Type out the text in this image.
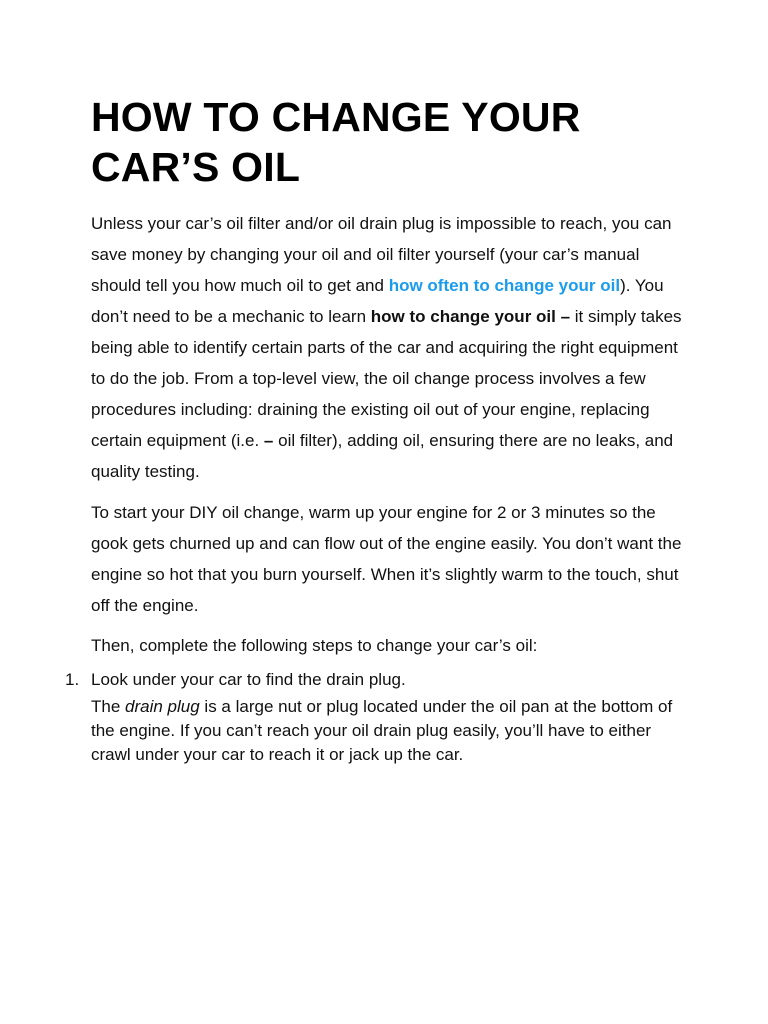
HOW TO CHANGE YOUR
CAR’S OIL

Unless your car’s oil filter and/or oil drain plug is impossible to reach, you can save money by changing your oil and oil filter yourself (your car’s manual should tell you how much oil to get and how often to change your oil). You don’t need to be a mechanic to learn how to change your oil – it simply takes being able to identify certain parts of the car and acquiring the right equipment to do the job. From a top-level view, the oil change process involves a few procedures including: draining the existing oil out of your engine, replacing certain equipment (i.e. – oil filter), adding oil, ensuring there are no leaks, and quality testing.

To start your DIY oil change, warm up your engine for 2 or 3 minutes so the gook gets churned up and can flow out of the engine easily. You don’t want the engine so hot that you burn yourself. When it’s slightly warm to the touch, shut off the engine.

Then, complete the following steps to change your car’s oil:

1. Look under your car to find the drain plug.
The drain plug is a large nut or plug located under the oil pan at the bottom of the engine. If you can’t reach your oil drain plug easily, you’ll have to either crawl under your car to reach it or jack up the car.
